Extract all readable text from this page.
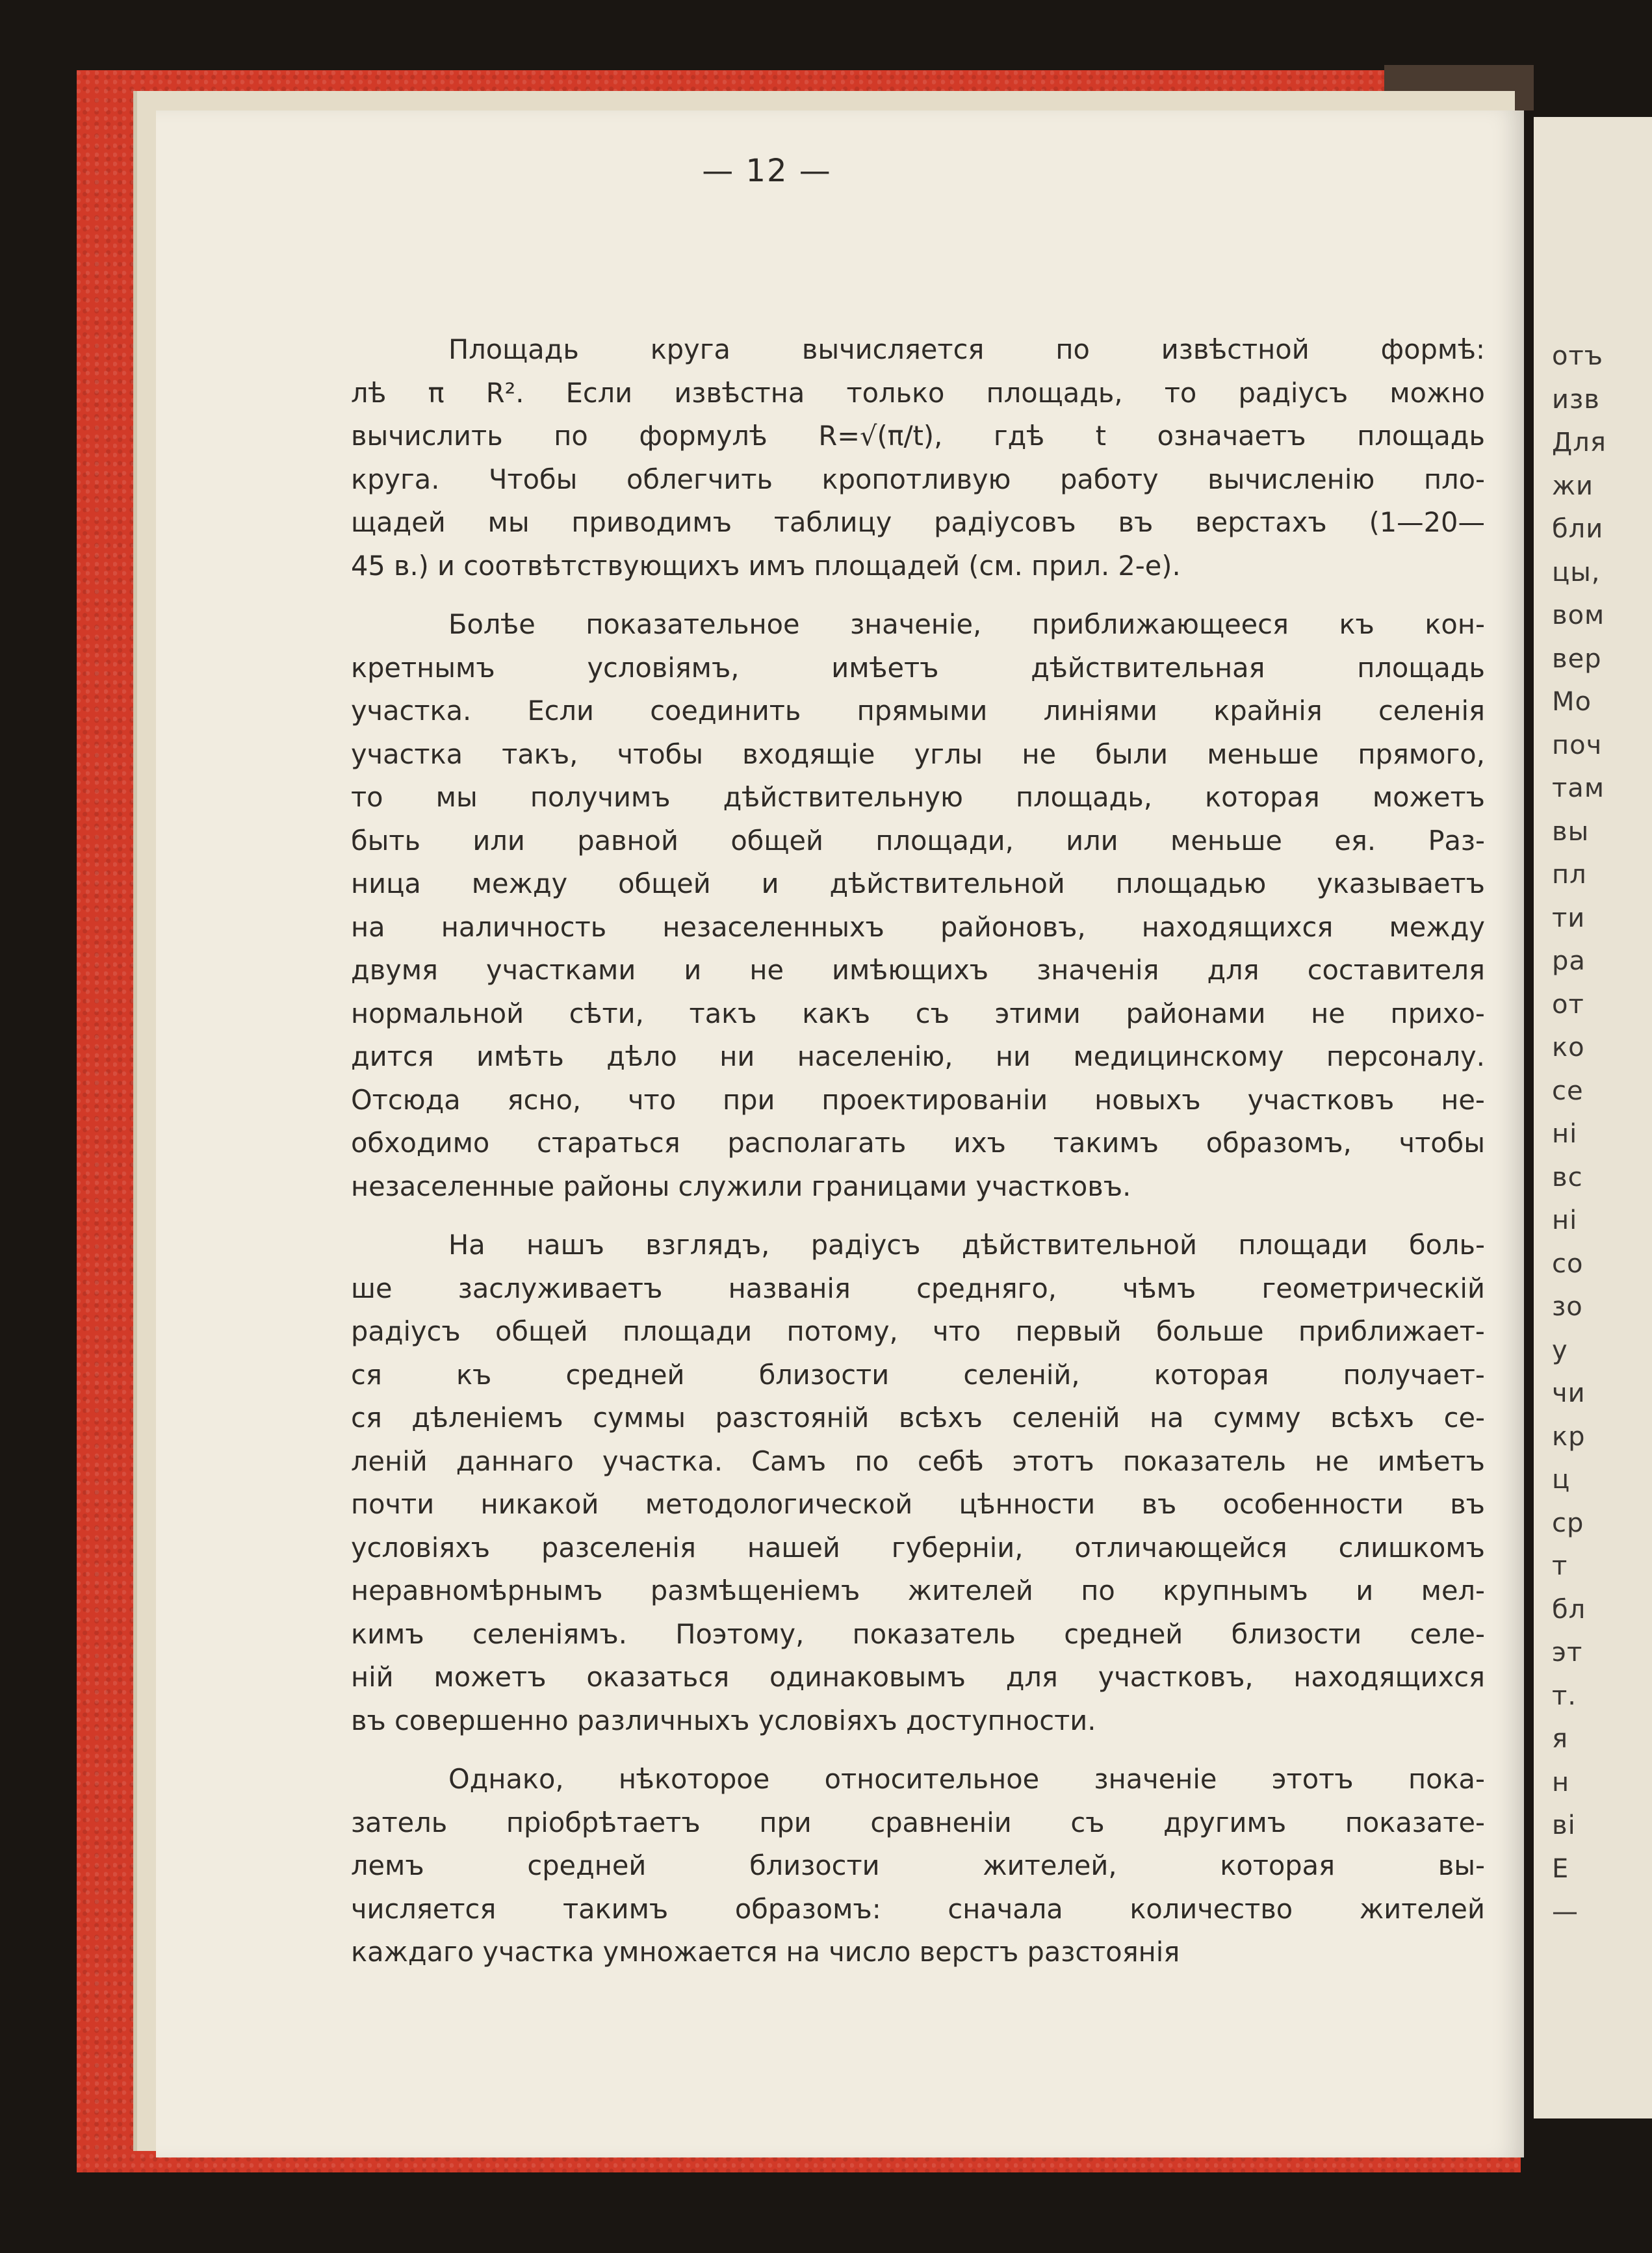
отъ
изв
Для
жи
бли
цы,
вом
вер
Мо
поч
там
вы
пл
ти
ра
от
ко
се
ні
вс
ні
со
зо
у
чи
кр
ц
ср
т
бл
эт
т.
я
н
ві
Е
—
— 12 —
Площадь	круга	вычисляется	по	извѣстной	формѣ:
лѣ π R². Если извѣстна только площадь, то радіусъ можно
вычислить по формулѣ R=√(π/t), гдѣ t означаетъ площадь
круга. Чтобы облегчить кропотливую работу вычисленію пло-
щадей мы приводимъ таблицу радіусовъ въ верстахъ (1—20—
45 в.) и соотвѣтствующихъ имъ площадей (см. прил. 2-е).
Болѣе показательное значеніе, приближающееся къ кон-
кретнымъ	условіямъ,	имѣетъ	дѣйствительная	площадь
участка. Если соединить прямыми линіями крайнія селенія
участка такъ, чтобы входящіе углы не были меньше прямого,
то мы получимъ дѣйствительную площадь, которая можетъ
быть или равной общей площади, или меньше ея. Раз-
ница между общей и дѣйствительной площадью указываетъ
на наличность незаселенныхъ районовъ, находящихся между
двумя участками и не имѣющихъ значенія для составителя
нормальной сѣти, такъ какъ съ этими районами не прихо-
дится имѣть дѣло ни населенію, ни медицинскому персоналу.
Отсюда ясно, что при проектированіи новыхъ участковъ не-
обходимо стараться располагать ихъ такимъ образомъ, чтобы
незаселенные районы служили границами участковъ.
На нашъ взглядъ, радіусъ дѣйствительной площади боль-
ше заслуживаетъ названія средняго, чѣмъ геометрическій
радіусъ общей площади потому, что первый больше приближает-
ся	къ	средней	близости	селеній,	которая	получает-
ся дѣленіемъ суммы разстояній всѣхъ селеній на сумму всѣхъ се-
леній даннаго участка. Самъ по себѣ этотъ показатель не имѣетъ
почти никакой методологической цѣнности въ особенности въ
условіяхъ разселенія нашей губерніи, отличающейся слишкомъ
неравномѣрнымъ размѣщеніемъ жителей по крупнымъ и мел-
кимъ селеніямъ. Поэтому, показатель средней близости селе-
ній можетъ оказаться одинаковымъ для участковъ, находящихся
въ совершенно различныхъ условіяхъ доступности.
Однако, нѣкоторое относительное значеніе этотъ пока-
затель пріобрѣтаетъ при сравненіи съ другимъ показате-
лемъ	средней	близости	жителей,	которая	вы-
числяется такимъ образомъ: сначала количество жителей
каждаго участка умножается на число верстъ разстоянія
